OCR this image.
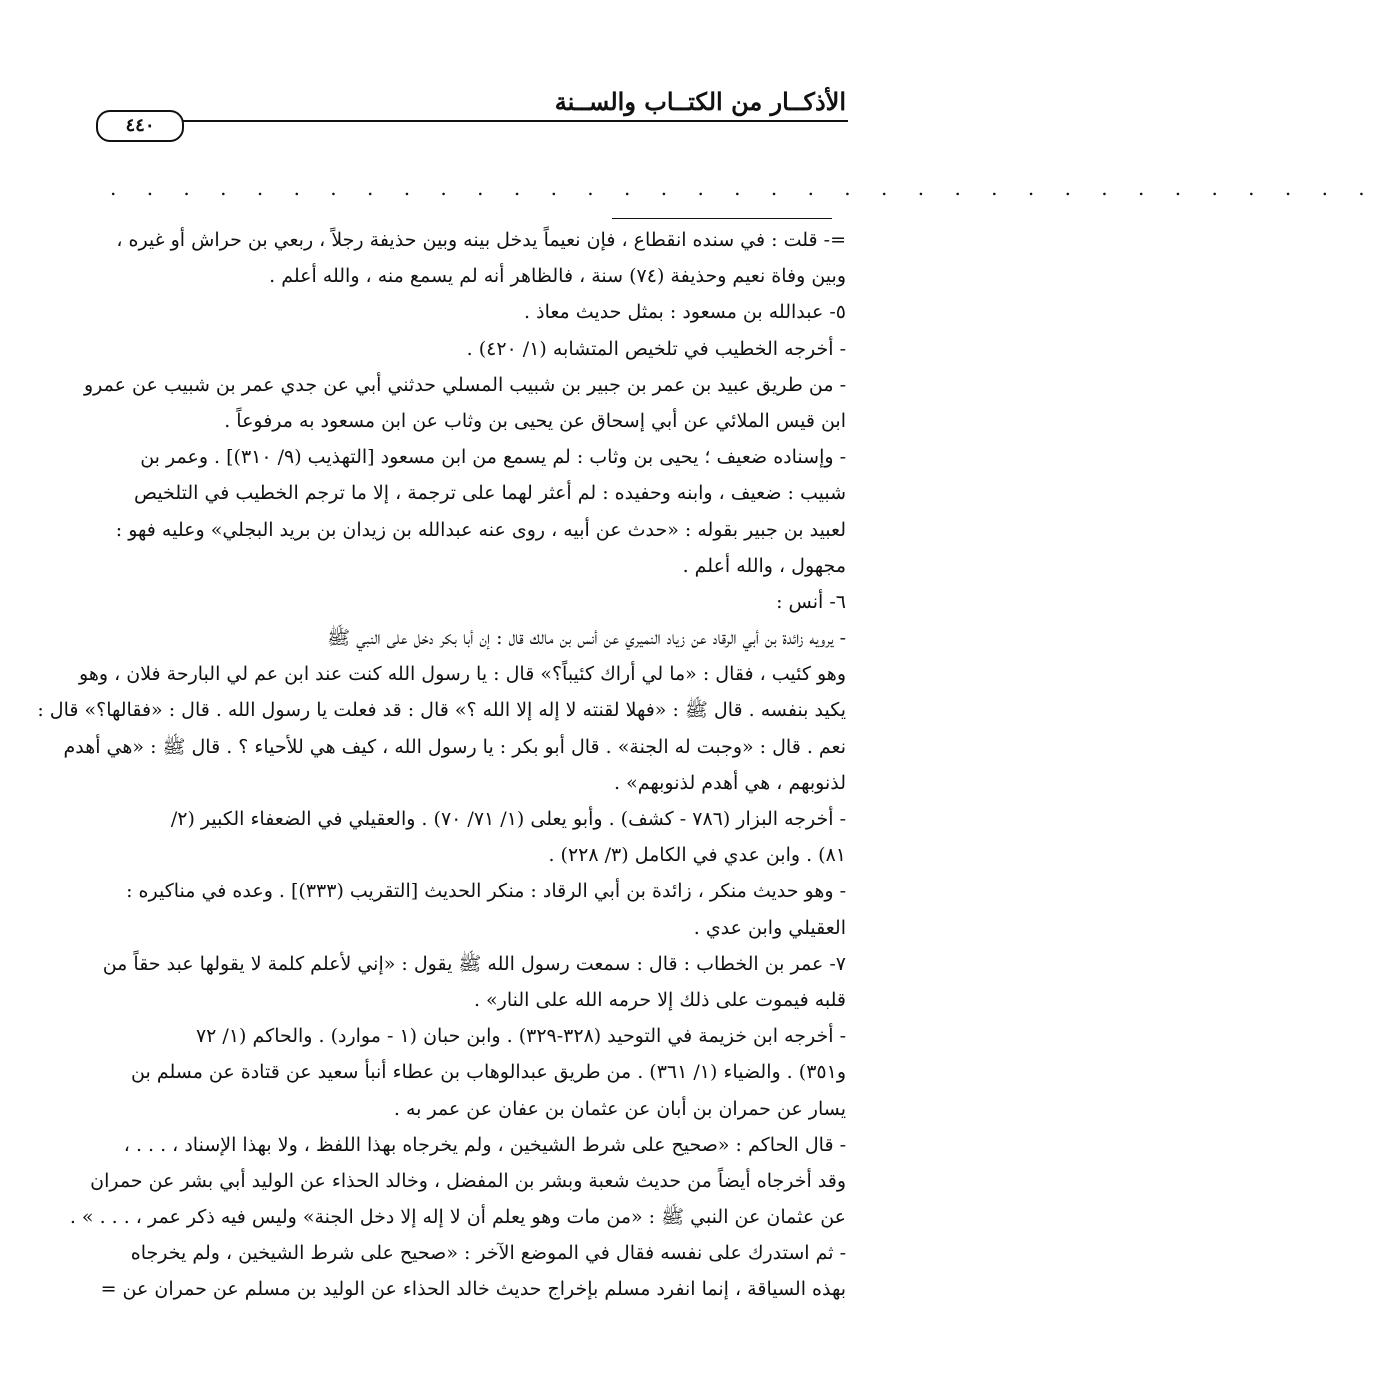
الأذكــار من الكتــاب والســنة
٤٤٠
. . . . . . . . . . . . . . . . . . . . . . . . . . . . . . . . . . .
=- قلت : في سنده انقطاع ، فإن نعيماً يدخل بينه وبين حذيفة رجلاً ، ربعي بن حراش أو غيره ،
وبين وفاة نعيم وحذيفة (٧٤) سنة ، فالظاهر أنه لم يسمع منه ، والله أعلم .
٥- عبدالله بن مسعود : بمثل حديث معاذ .
- أخرجه الخطيب في تلخيص المتشابه (١/ ٤٢٠) .
- من طريق عبيد بن عمر بن جبير بن شبيب المسلي حدثني أبي عن جدي عمر بن شبيب عن عمرو
ابن قيس الملائي عن أبي إسحاق عن يحيى بن وثاب عن ابن مسعود به مرفوعاً .
- وإسناده ضعيف ؛ يحيى بن وثاب : لم يسمع من ابن مسعود [التهذيب (٩/ ٣١٠)] . وعمر بن
شبيب : ضعيف ، وابنه وحفيده : لم أعثر لهما على ترجمة ، إلا ما ترجم الخطيب في التلخيص
لعبيد بن جبير بقوله : «حدث عن أبيه ، روى عنه عبدالله بن زيدان بن بريد البجلي» وعليه فهو :
مجهول ، والله أعلم .
٦- أنس :
- يرويه زائدة بن أبي الرقاد عن زياد النميري عن أنس بن مالك قال : إن أبا بكر دخل على النبي ﷺ
وهو كئيب ، فقال : «ما لي أراك كئيباً؟» قال : يا رسول الله كنت عند ابن عم لي البارحة فلان ، وهو
يكيد بنفسه . قال ﷺ : «فهلا لقنته لا إله إلا الله ؟» قال : قد فعلت يا رسول الله . قال : «فقالها؟» قال :
نعم . قال : «وجبت له الجنة» . قال أبو بكر : يا رسول الله ، كيف هي للأحياء ؟ . قال ﷺ : «هي أهدم
لذنوبهم ، هي أهدم لذنوبهم» .
- أخرجه البزار (٧٨٦ - كشف) . وأبو يعلى (١/ ٧١/ ٧٠) . والعقيلي في الضعفاء الكبير (٢/
٨١) . وابن عدي في الكامل (٣/ ٢٢٨) .
- وهو حديث منكر ، زائدة بن أبي الرقاد : منكر الحديث [التقريب (٣٣٣)] . وعده في مناكيره :
العقيلي وابن عدي .
٧- عمر بن الخطاب : قال : سمعت رسول الله ﷺ يقول : «إني لأعلم كلمة لا يقولها عبد حقاً من
قلبه فيموت على ذلك إلا حرمه الله على النار» .
- أخرجه ابن خزيمة في التوحيد (٣٢٨-٣٢٩) . وابن حبان (١ - موارد) . والحاكم (١/ ٧٢
و٣٥١) . والضياء (١/ ٣٦١) . من طريق عبدالوهاب بن عطاء أنبأ سعيد عن قتادة عن مسلم بن
يسار عن حمران بن أبان عن عثمان بن عفان عن عمر به .
- قال الحاكم : «صحيح على شرط الشيخين ، ولم يخرجاه بهذا اللفظ ، ولا بهذا الإسناد ، . . . ،
وقد أخرجاه أيضاً من حديث شعبة وبشر بن المفضل ، وخالد الحذاء عن الوليد أبي بشر عن حمران
عن عثمان عن النبي ﷺ : «من مات وهو يعلم أن لا إله إلا دخل الجنة» وليس فيه ذكر عمر ، . . . » .
- ثم استدرك على نفسه فقال في الموضع الآخر : «صحيح على شرط الشيخين ، ولم يخرجاه
بهذه السياقة ، إنما انفرد مسلم بإخراج حديث خالد الحذاء عن الوليد بن مسلم عن حمران عن =
